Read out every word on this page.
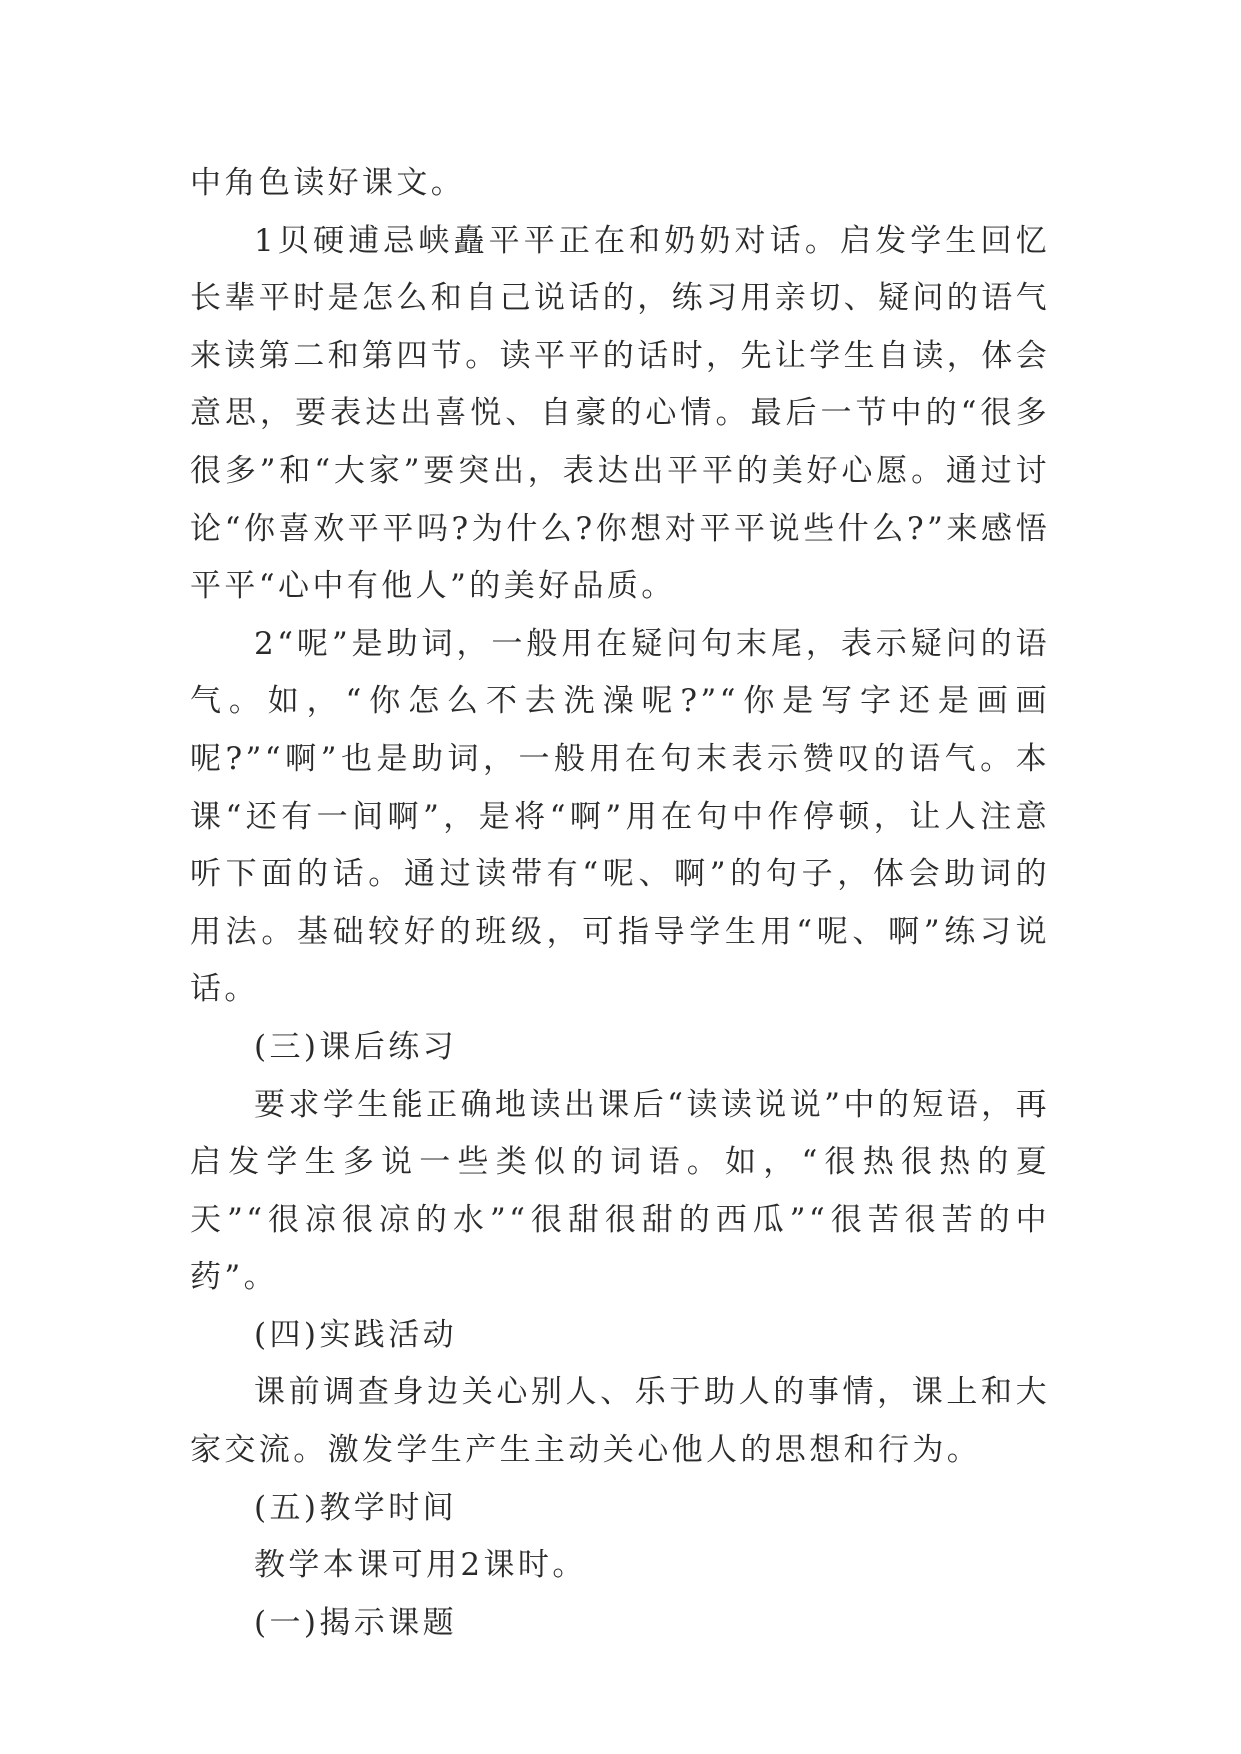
中角色读好课文。

1贝硬逋忌峡矗平平正在和奶奶对话。启发学生回忆长辈平时是怎么和自己说话的，练习用亲切、疑问的语气来读第二和第四节。读平平的话时，先让学生自读，体会意思，要表达出喜悦、自豪的心情。最后一节中的“很多很多”和“大家”要突出，表达出平平的美好心愿。通过讨论“你喜欢平平吗?为什么?你想对平平说些什么?”来感悟平平“心中有他人”的美好品质。

2“呢”是助词，一般用在疑问句末尾，表示疑问的语气。如，“你怎么不去洗澡呢?”“你是写字还是画画呢?”“啊”也是助词，一般用在句末表示赞叹的语气。本课“还有一间啊”，是将“啊”用在句中作停顿，让人注意听下面的话。通过读带有“呢、啊”的句子，体会助词的用法。基础较好的班级，可指导学生用“呢、啊”练习说话。

(三)课后练习

要求学生能正确地读出课后“读读说说”中的短语，再启发学生多说一些类似的词语。如，“很热很热的夏天”“很凉很凉的水”“很甜很甜的西瓜”“很苦很苦的中药”。

(四)实践活动

课前调查身边关心别人、乐于助人的事情，课上和大家交流。激发学生产生主动关心他人的思想和行为。

(五)教学时间

教学本课可用2课时。

(一)揭示课题
